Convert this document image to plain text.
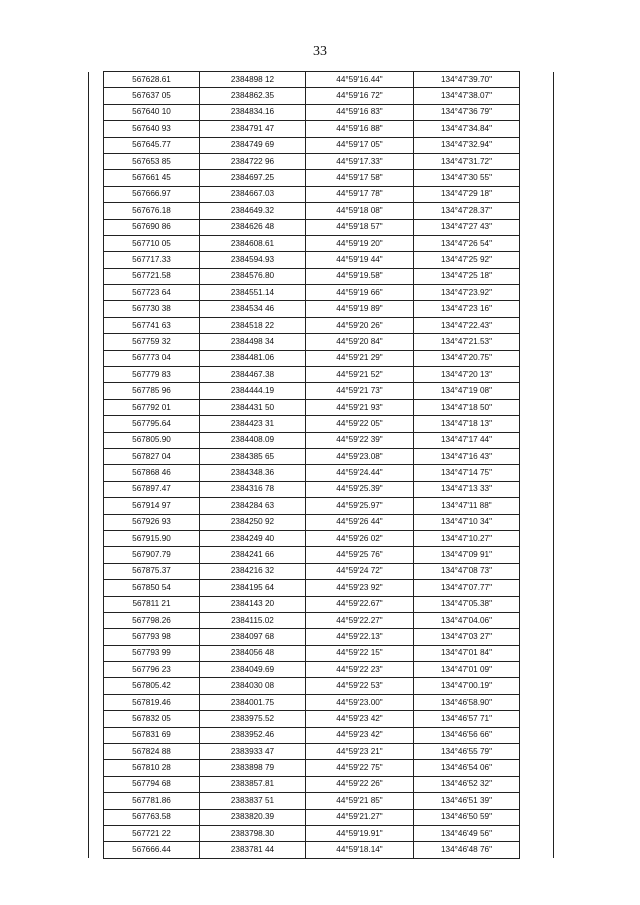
33
	567628.61	2384898 12	44°59'16.44"	134°47'39.70"	
	567637 05	2384862.35	44°59'16 72"	134°47'38.07"	
	567640 10	2384834.16	44°59'16 83"	134°47'36 79"	
	567640 93	2384791 47	44°59'16 88"	134°47'34.84"	
	567645.77	2384749 69	44°59'17 05"	134°47'32.94"	
	567653 85	2384722 96	44°59'17.33"	134°47'31.72"	
	567661 45	2384697.25	44°59'17 58"	134°47'30 55"	
	567666.97	2384667.03	44°59'17 78"	134°47'29 18"	
	567676.18	2384649.32	44°59'18 08"	134°47'28.37"	
	567690 86	2384626 48	44°59'18 57"	134°47'27 43"	
	567710 05	2384608.61	44°59'19 20"	134°47'26 54"	
	567717.33	2384594.93	44°59'19 44"	134°47'25 92"	
	567721.58	2384576.80	44°59'19.58"	134°47'25 18"	
	567723 64	2384551.14	44°59'19 66"	134°47'23.92"	
	567730 38	2384534 46	44°59'19 89"	134°47'23 16"	
	567741 63	2384518 22	44°59'20 26"	134°47'22.43"	
	567759 32	2384498 34	44°59'20 84"	134°47'21.53"	
	567773 04	2384481.06	44°59'21 29"	134°47'20.75"	
	567779 83	2384467.38	44°59'21 52"	134°47'20 13"	
	567785 96	2384444.19	44°59'21 73"	134°47'19 08"	
	567792 01	2384431 50	44°59'21 93"	134°47'18 50"	
	567795.64	2384423 31	44°59'22 05"	134°47'18 13"	
	567805.90	2384408.09	44°59'22 39"	134°47'17 44"	
	567827 04	2384385 65	44°59'23.08"	134°47'16 43"	
	567868 46	2384348.36	44°59'24.44"	134°47'14 75"	
	567897.47	2384316 78	44°59'25.39"	134°47'13 33"	
	567914 97	2384284 63	44°59'25.97"	134°47'11 88"	
	567926 93	2384250 92	44°59'26 44"	134°47'10 34"	
	567915.90	2384249 40	44°59'26 02"	134°47'10.27"	
	567907.79	2384241 66	44°59'25 76"	134°47'09 91"	
	567875.37	2384216 32	44°59'24 72"	134°47'08 73"	
	567850 54	2384195 64	44°59'23 92"	134°47'07.77"	
	567811 21	2384143 20	44°59'22.67"	134°47'05.38"	
	567798.26	2384115.02	44°59'22.27"	134°47'04.06"	
	567793 98	2384097 68	44°59'22.13"	134°47'03 27"	
	567793 99	2384056 48	44°59'22 15"	134°47'01 84"	
	567796 23	2384049.69	44°59'22 23"	134°47'01 09"	
	567805.42	2384030 08	44°59'22 53"	134°47'00.19"	
	567819.46	2384001.75	44°59'23.00"	134°46'58.90"	
	567832 05	2383975.52	44°59'23 42"	134°46'57 71"	
	567831 69	2383952.46	44°59'23 42"	134°46'56 66"	
	567824 88	2383933 47	44°59'23 21"	134°46'55 79"	
	567810 28	2383898 79	44°59'22 75"	134°46'54 06"	
	567794 68	2383857.81	44°59'22 26"	134°46'52 32"	
	567781.86	2383837 51	44°59'21 85"	134°46'51 39"	
	567763.58	2383820.39	44°59'21.27"	134°46'50 59"	
	567721 22	2383798.30	44°59'19.91"	134°46'49 56"	
	567666.44	2383781 44	44°59'18.14"	134°46'48 76"	
